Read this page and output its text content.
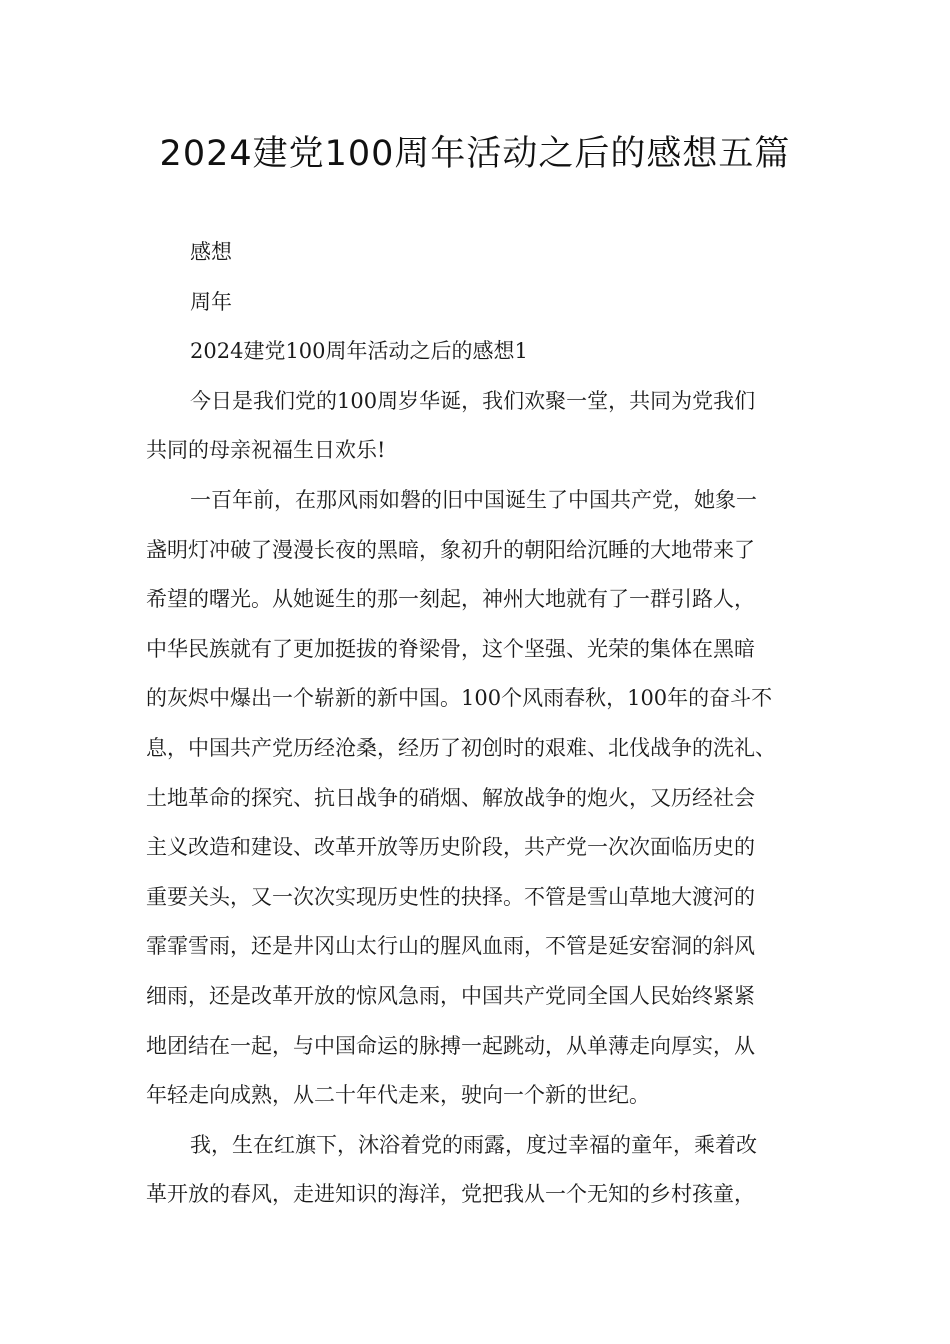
2024建党100周年活动之后的感想五篇
感想
周年
2024建党100周年活动之后的感想1
今日是我们党的100周岁华诞，我们欢聚一堂，共同为党我们
共同的母亲祝福生日欢乐!
一百年前，在那风雨如磐的旧中国诞生了中国共产党，她象一
盏明灯冲破了漫漫长夜的黑暗，象初升的朝阳给沉睡的大地带来了
希望的曙光。从她诞生的那一刻起，神州大地就有了一群引路人，
中华民族就有了更加挺拔的脊梁骨，这个坚强、光荣的集体在黑暗
的灰烬中爆出一个崭新的新中国。100个风雨春秋，100年的奋斗不
息，中国共产党历经沧桑，经历了初创时的艰难、北伐战争的洗礼、
土地革命的探究、抗日战争的硝烟、解放战争的炮火，又历经社会
主义改造和建设、改革开放等历史阶段，共产党一次次面临历史的
重要关头，又一次次实现历史性的抉择。不管是雪山草地大渡河的
霏霏雪雨，还是井冈山太行山的腥风血雨，不管是延安窑洞的斜风
细雨，还是改革开放的惊风急雨，中国共产党同全国人民始终紧紧
地团结在一起，与中国命运的脉搏一起跳动，从单薄走向厚实，从
年轻走向成熟，从二十年代走来，驶向一个新的世纪。
我，生在红旗下，沐浴着党的雨露，度过幸福的童年，乘着改
革开放的春风，走进知识的海洋，党把我从一个无知的乡村孩童，
